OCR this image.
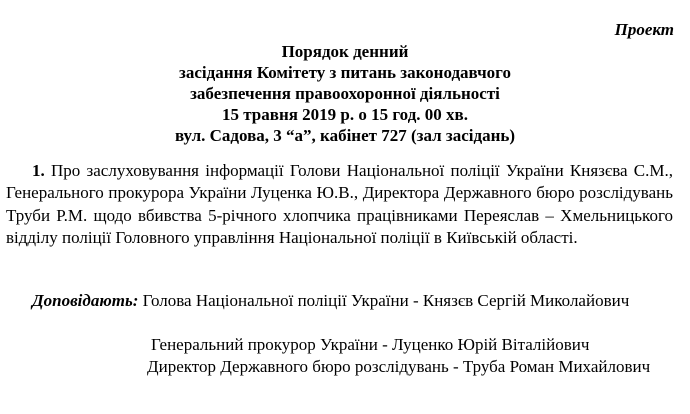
Проект
Порядок денний
засідання Комітету з питань законодавчого
забезпечення правоохоронної діяльності
15 травня 2019 р. о 15 год. 00 хв.
вул. Садова, 3 “а”, кабінет 727 (зал засідань)
1. Про заслуховування інформації Голови Національної поліції України Князєва С.М., Генерального прокурора України Луценка Ю.В., Директора Державного бюро розслідувань Труби Р.М. щодо вбивства 5-річного хлопчика працівниками Переяслав – Хмельницького відділу поліції Головного управління Національної поліції в Київській області.
Доповідають: Голова Національної поліції України - Князєв Сергій Миколайович
Генеральний прокурор України - Луценко Юрій Віталійович
Директор Державного бюро розслідувань - Труба Роман Михайлович
